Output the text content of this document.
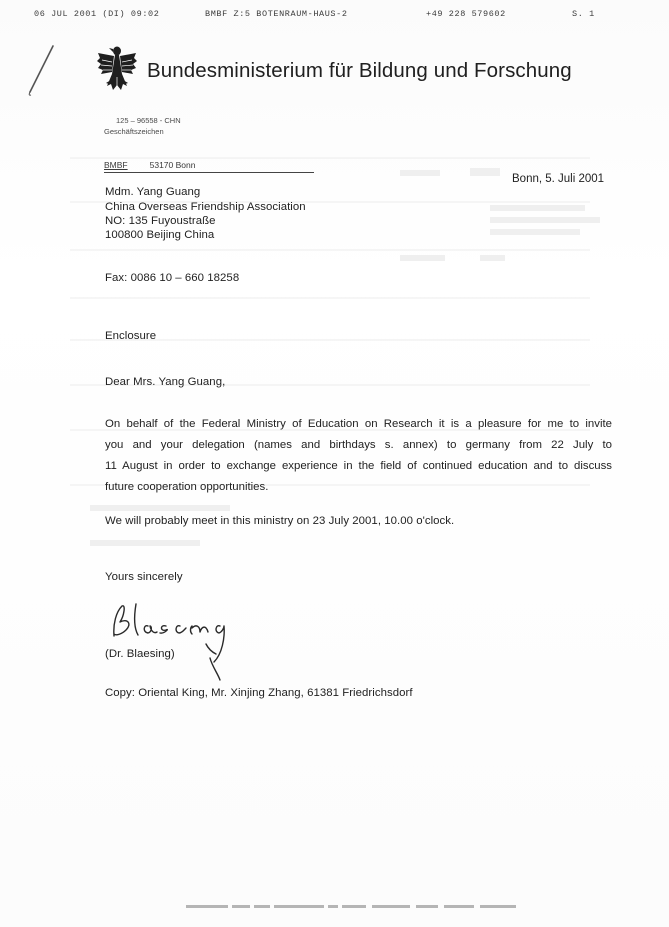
06 JUL 2001 (DI) 09:02	BMBF Z:5 BOTENRAUM-HAUS-2	+49 228 579602	S. 1
Bundesministerium für Bildung und Forschung
125 – 96558 - CHN
Geschäftszeichen
BMBF	53170 Bonn
Bonn, 5. Juli 2001
Mdm. Yang Guang
China Overseas Friendship Association
NO: 135 Fuyoustraße
100800 Beijing China
Fax: 0086 10 – 660 18258
Enclosure
Dear Mrs. Yang Guang,
On behalf of the Federal Ministry of Education on Research it is a pleasure for me to invite
you and your delegation (names and birthdays s. annex) to germany from 22 July to
11 August in order to exchange experience in the field of continued education and to discuss
future cooperation opportunities.
We will probably meet in this ministry on 23 July 2001, 10.00 o'clock.
Yours sincerely
(Dr. Blaesing)
Copy: Oriental King, Mr. Xinjing Zhang, 61381 Friedrichsdorf
